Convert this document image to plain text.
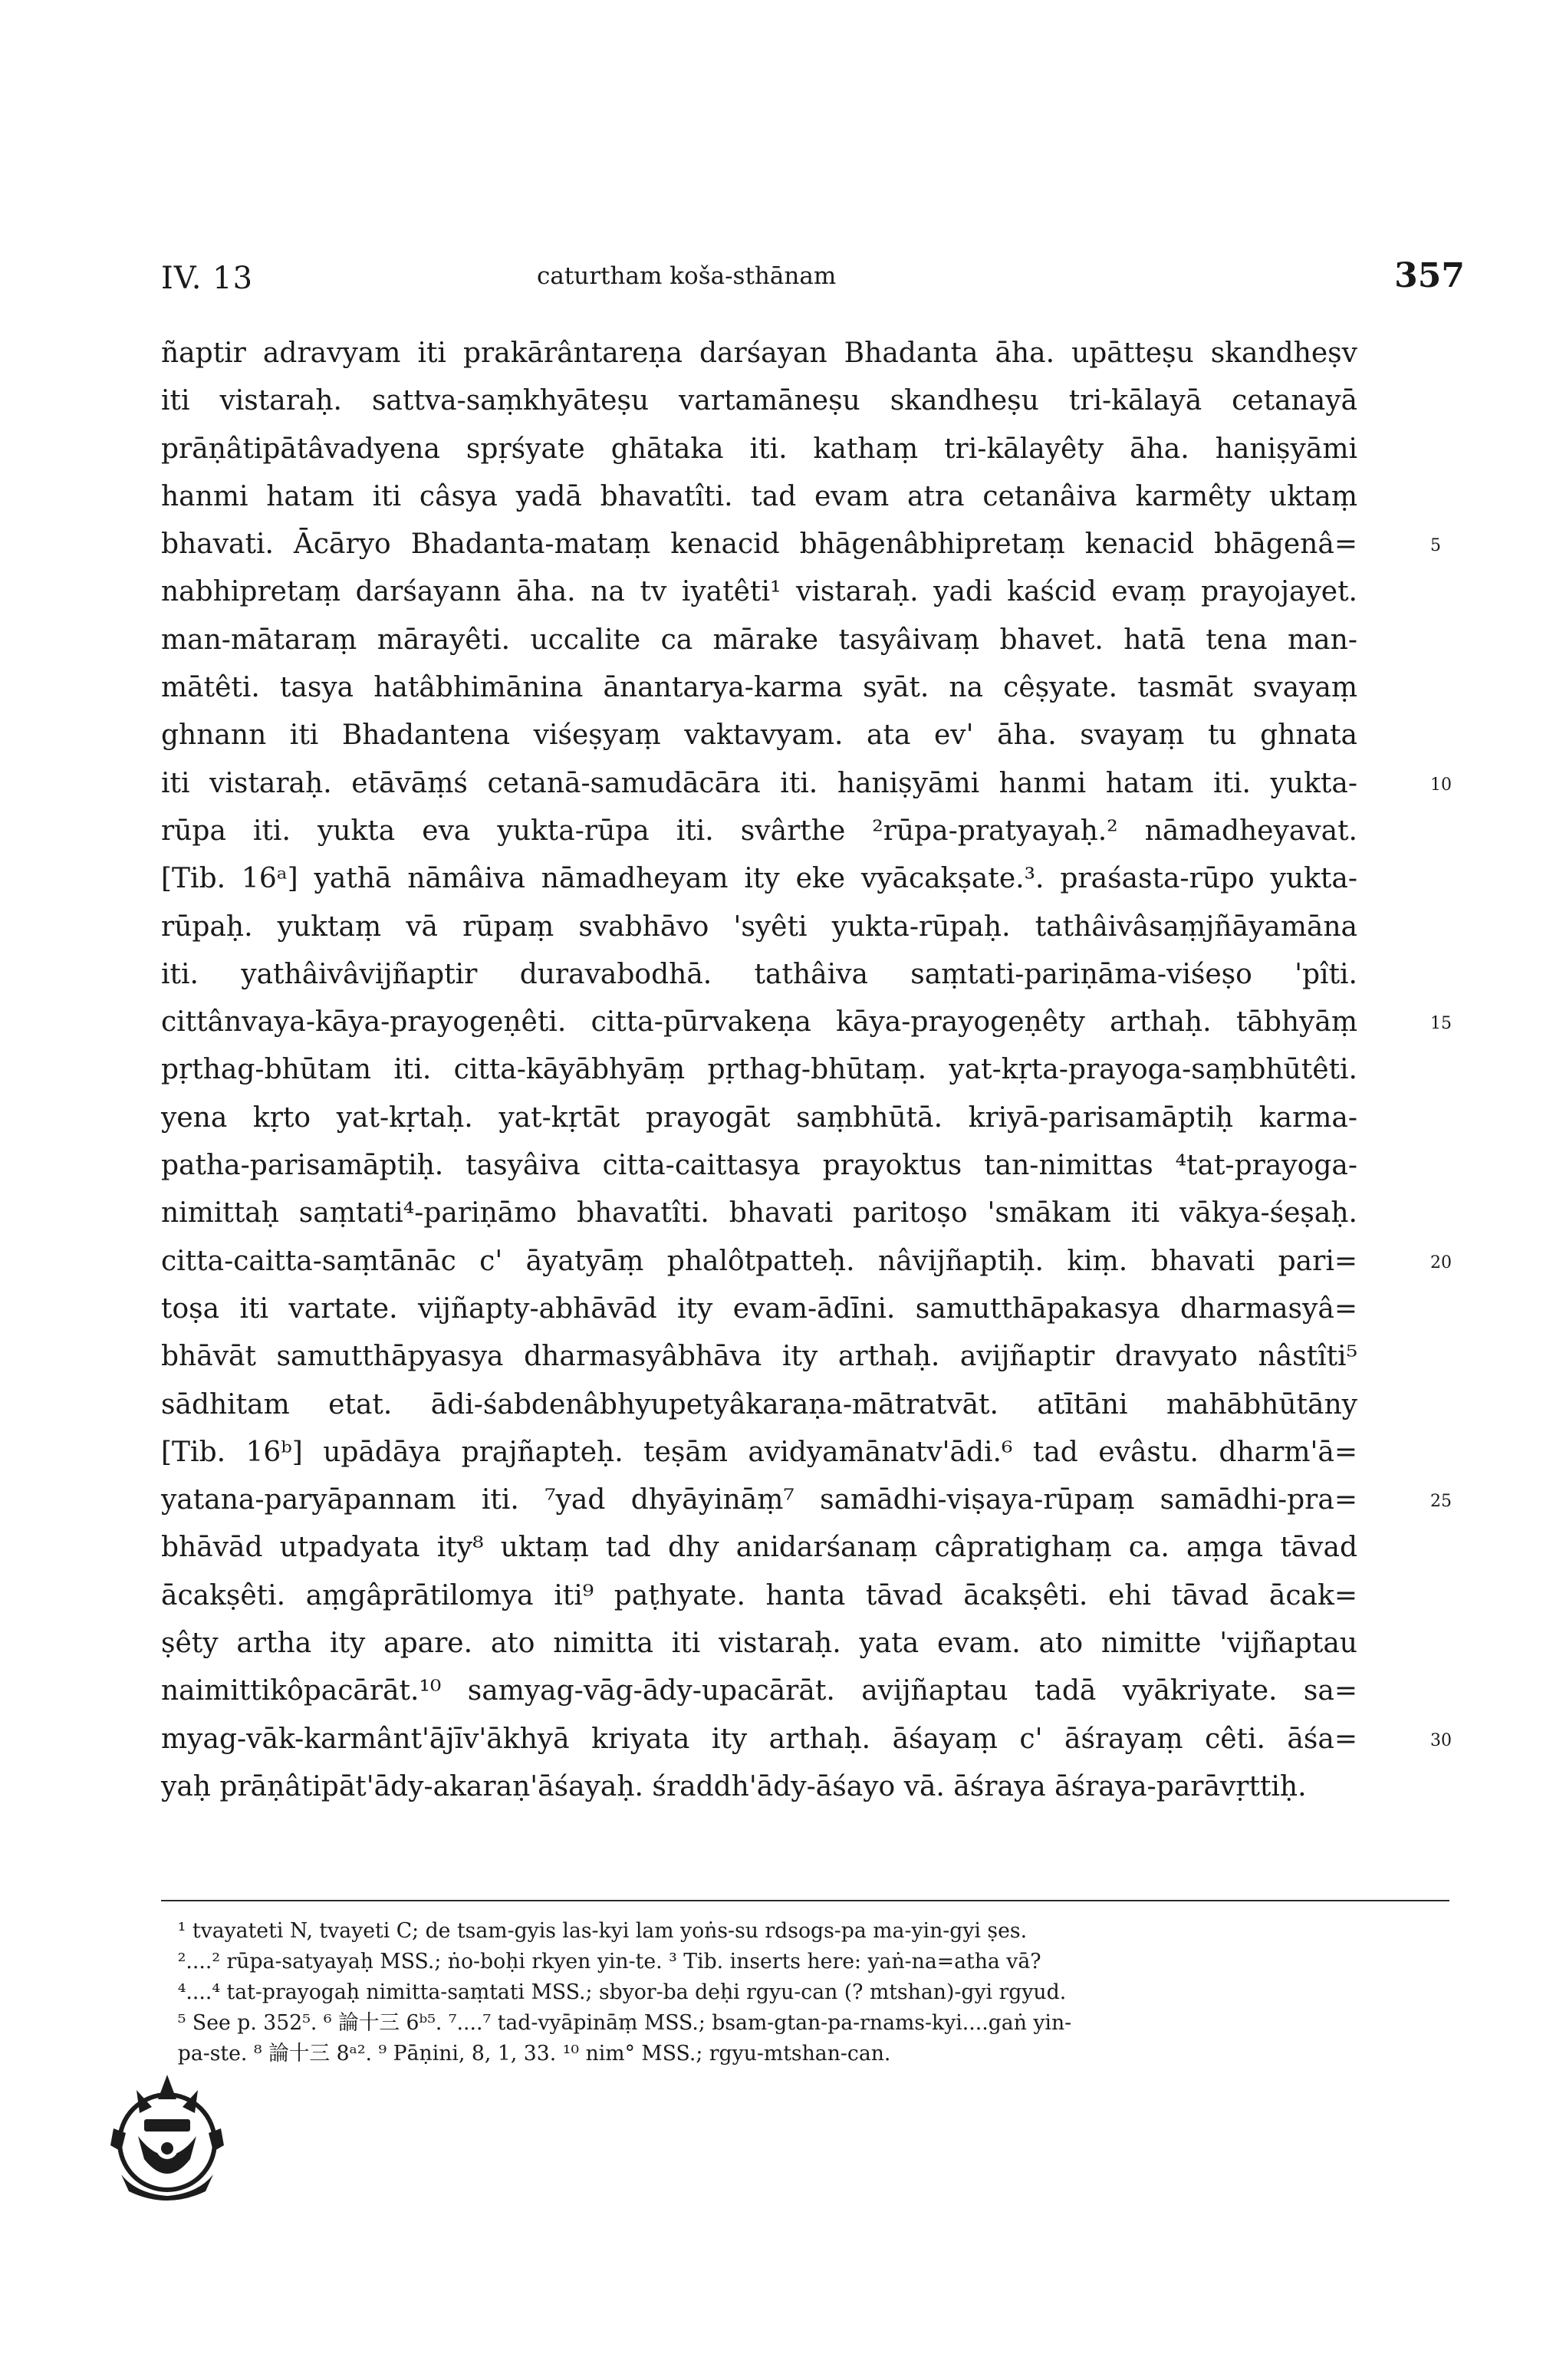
IV. 13	caturtham koša-sthānam	357
ñaptir adravyam iti prakārântareṇa darśayan Bhadanta āha. upātteṣu skandheṣv
iti vistaraḥ. sattva-saṃkhyāteṣu vartamāneṣu skandheṣu tri-kālayā cetanayā
prāṇâtipātâvadyena spṛśyate ghātaka iti. kathaṃ tri-kālayêty āha. haniṣyāmi
hanmi hatam iti câsya yadā bhavatîti. tad evam atra cetanâiva karmêty uktaṃ
bhavati. Ācāryo Bhadanta-mataṃ kenacid bhāgenâbhipretaṃ kenacid bhāgenâ=	5
nabhipretaṃ darśayann āha. na tv iyatêti¹ vistaraḥ. yadi kaścid evaṃ prayojayet.
man-mātaraṃ mārayêti. uccalite ca mārake tasyâivaṃ bhavet. hatā tena man-
mātêti. tasya hatâbhimānina ānantarya-karma syāt. na cêṣyate. tasmāt svayaṃ
ghnann iti Bhadantena viśeṣyaṃ vaktavyam. ata ev' āha. svayaṃ tu ghnata
iti vistaraḥ. etāvāṃś cetanā-samudācāra iti. haniṣyāmi hanmi hatam iti. yukta-	10
rūpa iti. yukta eva yukta-rūpa iti. svârthe ²rūpa-pratyayaḥ.² nāmadheyavat.
[Tib. 16ᵃ] yathā nāmâiva nāmadheyam ity eke vyācakṣate.³. praśasta-rūpo yukta-
rūpaḥ. yuktaṃ vā rūpaṃ svabhāvo 'syêti yukta-rūpaḥ. tathâivâsaṃjñāyamāna
iti. yathâivâvijñaptir duravabodhā. tathâiva saṃtati-pariṇāma-viśeṣo 'pîti.
cittânvaya-kāya-prayogeṇêti. citta-pūrvakeṇa kāya-prayogeṇêty arthaḥ. tābhyāṃ	15
pṛthag-bhūtam iti. citta-kāyābhyāṃ pṛthag-bhūtaṃ. yat-kṛta-prayoga-saṃbhūtêti.
yena kṛto yat-kṛtaḥ. yat-kṛtāt prayogāt saṃbhūtā. kriyā-parisamāptiḥ karma-
patha-parisamāptiḥ. tasyâiva citta-caittasya prayoktus tan-nimittas ⁴tat-prayoga-
nimittaḥ saṃtati⁴-pariṇāmo bhavatîti. bhavati paritoṣo 'smākam iti vākya-śeṣaḥ.
citta-caitta-saṃtānāc c' āyatyāṃ phalôtpatteḥ. nâvijñaptiḥ. kiṃ. bhavati pari=	20
toṣa iti vartate. vijñapty-abhāvād ity evam-ādīni. samutthāpakasya dharmasyâ=
bhāvāt samutthāpyasya dharmasyâbhāva ity arthaḥ. avijñaptir dravyato nâstîti⁵
sādhitam etat. ādi-śabdenâbhyupetyâkaraṇa-mātratvāt. atītāni mahābhūtāny
[Tib. 16ᵇ] upādāya prajñapteḥ. teṣām avidyamānatv'ādi.⁶ tad evâstu. dharm'ā=
yatana-paryāpannam iti. ⁷yad dhyāyināṃ⁷ samādhi-viṣaya-rūpaṃ samādhi-pra=	25
bhāvād utpadyata ity⁸ uktaṃ tad dhy anidarśanaṃ câpratighaṃ ca. aṃga tāvad
ācakṣêti. aṃgâprātilomya iti⁹ paṭhyate. hanta tāvad ācakṣêti. ehi tāvad ācak=
ṣêty artha ity apare. ato nimitta iti vistaraḥ. yata evam. ato nimitte 'vijñaptau
naimittikôpacārāt.¹⁰ samyag-vāg-ādy-upacārāt. avijñaptau tadā vyākriyate. sa=
myag-vāk-karmânt'ājīv'ākhyā kriyata ity arthaḥ. āśayaṃ c' āśrayaṃ cêti. āśa=	30
yaḥ prāṇâtipāt'ādy-akaraṇ'āśayaḥ. śraddh'ādy-āśayo vā. āśraya āśraya-parāvṛttiḥ.
¹ tvayateti N, tvayeti C; de tsam-gyis las-kyi lam yoṅs-su rdsogs-pa ma-yin-gyi ṣes.
²....² rūpa-satyayaḥ MSS.; ṅo-boḥi rkyen yin-te. ³ Tib. inserts here: yaṅ-na=atha vā?
⁴....⁴ tat-prayogaḥ nimitta-saṃtati MSS.; sbyor-ba deḥi rgyu-can (? mtshan)-gyi rgyud.
⁵ See p. 352⁵. ⁶ 論十三 6ᵇ⁵. ⁷....⁷ tad-vyāpināṃ MSS.; bsam-gtan-pa-rnams-kyi....gaṅ yin-
pa-ste. ⁸ 論十三 8ᵃ². ⁹ Pāṇini, 8, 1, 33. ¹⁰ nim° MSS.; rgyu-mtshan-can.
